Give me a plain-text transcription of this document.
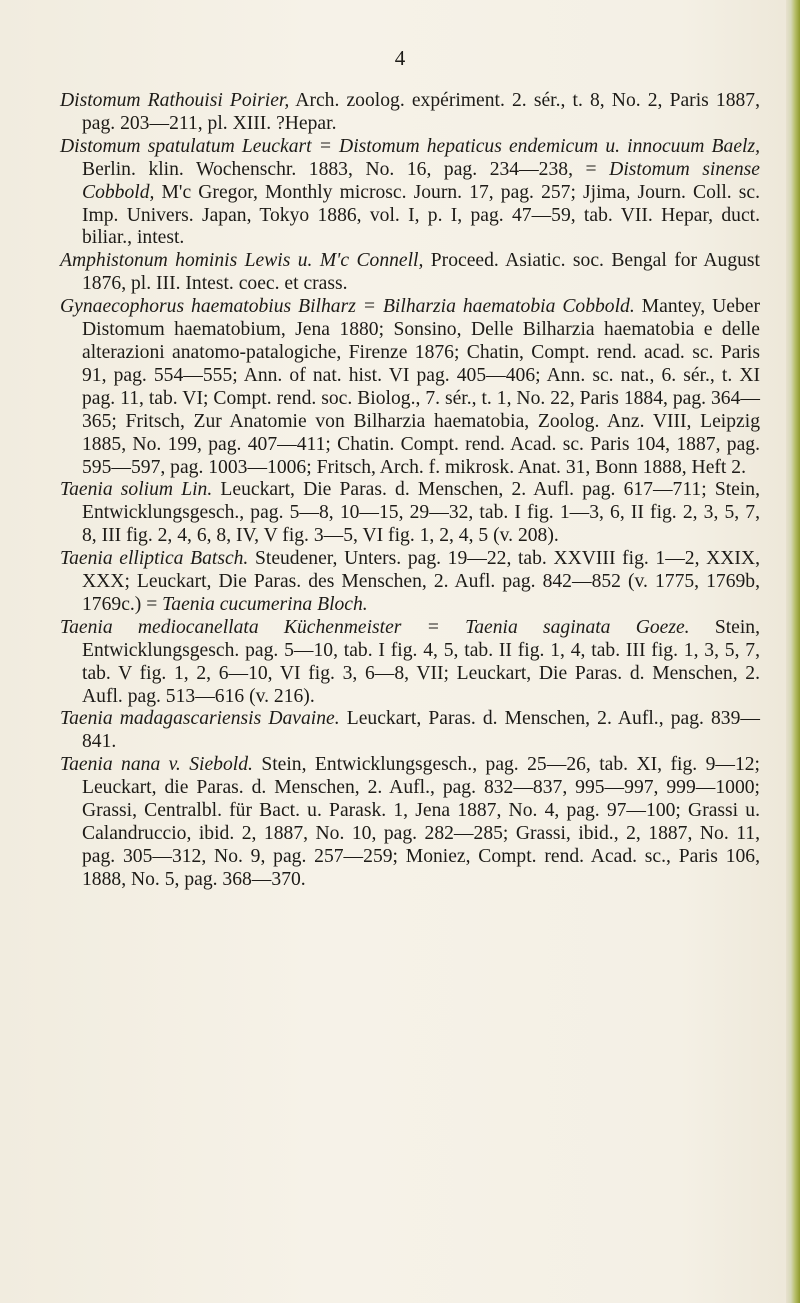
4

Distomum Rathouisi Poirier, Arch. zoolog. expériment. 2. sér., t. 8, No. 2, Paris 1887, pag. 203—211, pl. XIII. ?Hepar.

Distomum spatulatum Leuckart = Distomum hepaticus endemicum u. innocuum Baelz, Berlin. klin. Wochenschr. 1883, No. 16, pag. 234—238, = Distomum sinense Cobbold, M'c Gregor, Monthly microsc. Journ. 17, pag. 257; Jjima, Journ. Coll. sc. Imp. Univers. Japan, Tokyo 1886, vol. I, p. I, pag. 47—59, tab. VII. Hepar, duct. biliar., intest.

Amphistonum hominis Lewis u. M'c Connell, Proceed. Asiatic. soc. Bengal for August 1876, pl. III. Intest. coec. et crass.

Gynaecophorus haematobius Bilharz = Bilharzia haematobia Cobbold. Mantey, Ueber Distomum haematobium, Jena 1880; Sonsino, Delle Bilharzia haematobia e delle alterazioni anatomo-patalogiche, Firenze 1876; Chatin, Compt. rend. acad. sc. Paris 91, pag. 554—555; Ann. of nat. hist. VI pag. 405—406; Ann. sc. nat., 6. sér., t. XI pag. 11, tab. VI; Compt. rend. soc. Biolog., 7. sér., t. 1, No. 22, Paris 1884, pag. 364—365; Fritsch, Zur Anatomie von Bilharzia haematobia, Zoolog. Anz. VIII, Leipzig 1885, No. 199, pag. 407—411; Chatin. Compt. rend. Acad. sc. Paris 104, 1887, pag. 595—597, pag. 1003—1006; Fritsch, Arch. f. mikrosk. Anat. 31, Bonn 1888, Heft 2.

Taenia solium Lin. Leuckart, Die Paras. d. Menschen, 2. Aufl. pag. 617—711; Stein, Entwicklungsgesch., pag. 5—8, 10—15, 29—32, tab. I fig. 1—3, 6, II fig. 2, 3, 5, 7, 8, III fig. 2, 4, 6, 8, IV, V fig. 3—5, VI fig. 1, 2, 4, 5 (v. 208).

Taenia elliptica Batsch. Steudener, Unters. pag. 19—22, tab. XXVIII fig. 1—2, XXIX, XXX; Leuckart, Die Paras. des Menschen, 2. Aufl. pag. 842—852 (v. 1775, 1769b, 1769c.) = Taenia cucumerina Bloch.

Taenia mediocanellata Küchenmeister = Taenia saginata Goeze. Stein, Entwicklungsgesch. pag. 5—10, tab. I fig. 4, 5, tab. II fig. 1, 4, tab. III fig. 1, 3, 5, 7, tab. V fig. 1, 2, 6—10, VI fig. 3, 6—8, VII; Leuckart, Die Paras. d. Menschen, 2. Aufl. pag. 513—616 (v. 216).

Taenia madagascariensis Davaine. Leuckart, Paras. d. Menschen, 2. Aufl., pag. 839—841.

Taenia nana v. Siebold. Stein, Entwicklungsgesch., pag. 25—26, tab. XI, fig. 9—12; Leuckart, die Paras. d. Menschen, 2. Aufl., pag. 832—837, 995—997, 999—1000; Grassi, Centralbl. für Bact. u. Parask. 1, Jena 1887, No. 4, pag. 97—100; Grassi u. Calandruccio, ibid. 2, 1887, No. 10, pag. 282—285; Grassi, ibid., 2, 1887, No. 11, pag. 305—312, No. 9, pag. 257—259; Moniez, Compt. rend. Acad. sc., Paris 106, 1888, No. 5, pag. 368—370.
